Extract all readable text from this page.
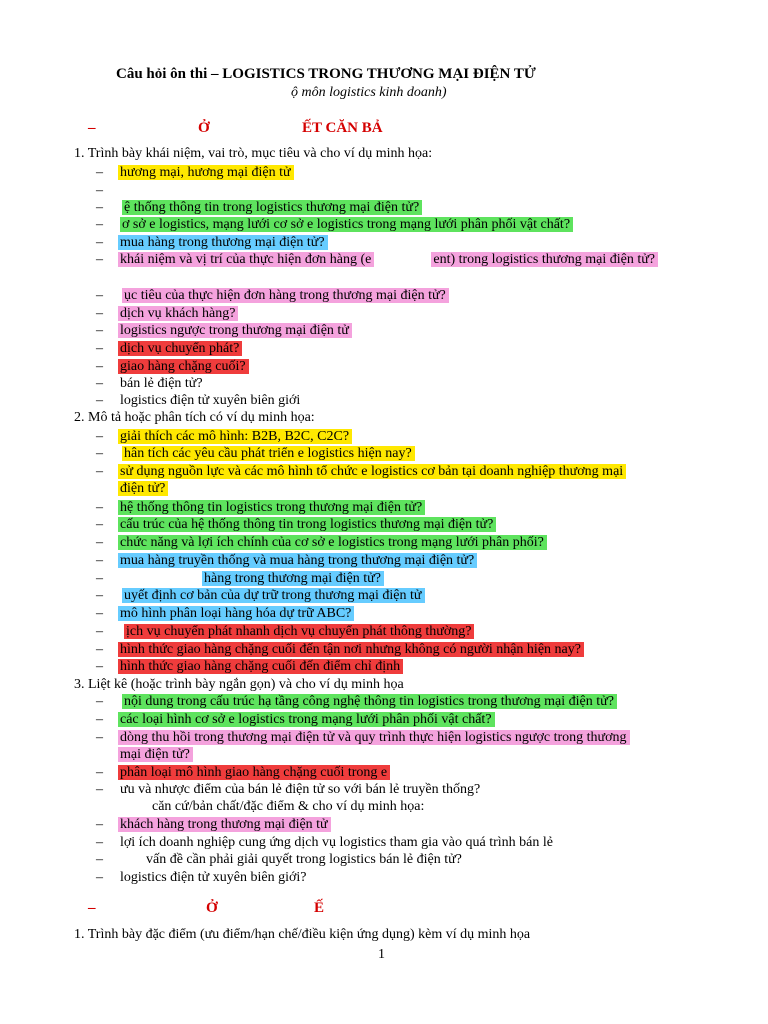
Câu hỏi ôn thi – LOGISTICS TRONG THƯƠNG MẠI ĐIỆN TỬ
ộ môn logistics kinh doanh)
–	Ở	ẾT CĂN BẢ
1. Trình bày khái niệm, vai trò, mục tiêu và cho ví dụ minh họa:
– hương mại, hương mại điện tử
–
–	ệ thống thông tin trong logistics thương mại điện tử?
– ơ sở e logistics, mạng lưới cơ sở e logistics trong mạng lưới phân phối vật chất?
– mua hàng trong thương mại điện tử?
– khái niệm và vị trí của thực hiện đơn hàng (e	ent) trong logistics thương mại điện tử?
–	ục tiêu của thực hiện đơn hàng trong thương mại điện tử?
– dịch vụ khách hàng?
– logistics ngược trong thương mại điện tử
– dịch vụ chuyển phát?
– giao hàng chặng cuối?
– bán lẻ điện tử?
– logistics điện tử xuyên biên giới
2. Mô tả hoặc phân tích có ví dụ minh họa:
– giải thích các mô hình: B2B, B2C, C2C?
–	hân tích các yêu cầu phát triển e logistics hiện nay?
– sử dụng nguồn lực và các mô hình tổ chức e logistics cơ bản tại doanh nghiệp thương mại
điện tử?
– hệ thống thông tin logistics trong thương mại điện tử?
– cấu trúc của hệ thống thông tin trong logistics thương mại điện tử?
– chức năng và lợi ích chính của cơ sở e logistics trong mạng lưới phân phối?
– mua hàng truyền thống và mua hàng trong thương mại điện tử?
–	hàng trong thương mại điện tử?
–	uyết định cơ bản của dự trữ trong thương mại điện tử
– mô hình phân loại hàng hóa dự trữ ABC?
–	ịch vụ chuyển phát nhanh dịch vụ chuyển phát thông thường?
– hình thức giao hàng chặng cuối đến tận nơi nhưng không có người nhận hiện nay?
– hình thức giao hàng chặng cuối đến điểm chỉ định
3. Liệt kê (hoặc trình bày ngắn gọn) và cho ví dụ minh họa
–	nội dung trong cấu trúc hạ tầng công nghệ thông tin logistics trong thương mại điện tử?
– các loại hình cơ sở e logistics trong mạng lưới phân phối vật chất?
– dòng thu hồi trong thương mại điện tử và quy trình thực hiện logistics ngược trong thương
mại điện tử?
– phân loại mô hình giao hàng chặng cuối trong e
– ưu và nhược điểm của bán lẻ điện tử so với bán lẻ truyền thống?
căn cứ/bản chất/đặc điểm & cho ví dụ minh họa:
– khách hàng trong thương mại điện tử
– lợi ích doanh nghiệp cung ứng dịch vụ logistics tham gia vào quá trình bán lẻ
–	vấn đề cần phải giải quyết trong logistics bán lẻ điện tử?
– logistics điện tử xuyên biên giới?
–	Ở	Ế
1. Trình bày đặc điểm (ưu điểm/hạn chế/điều kiện ứng dụng) kèm ví dụ minh họa
1
